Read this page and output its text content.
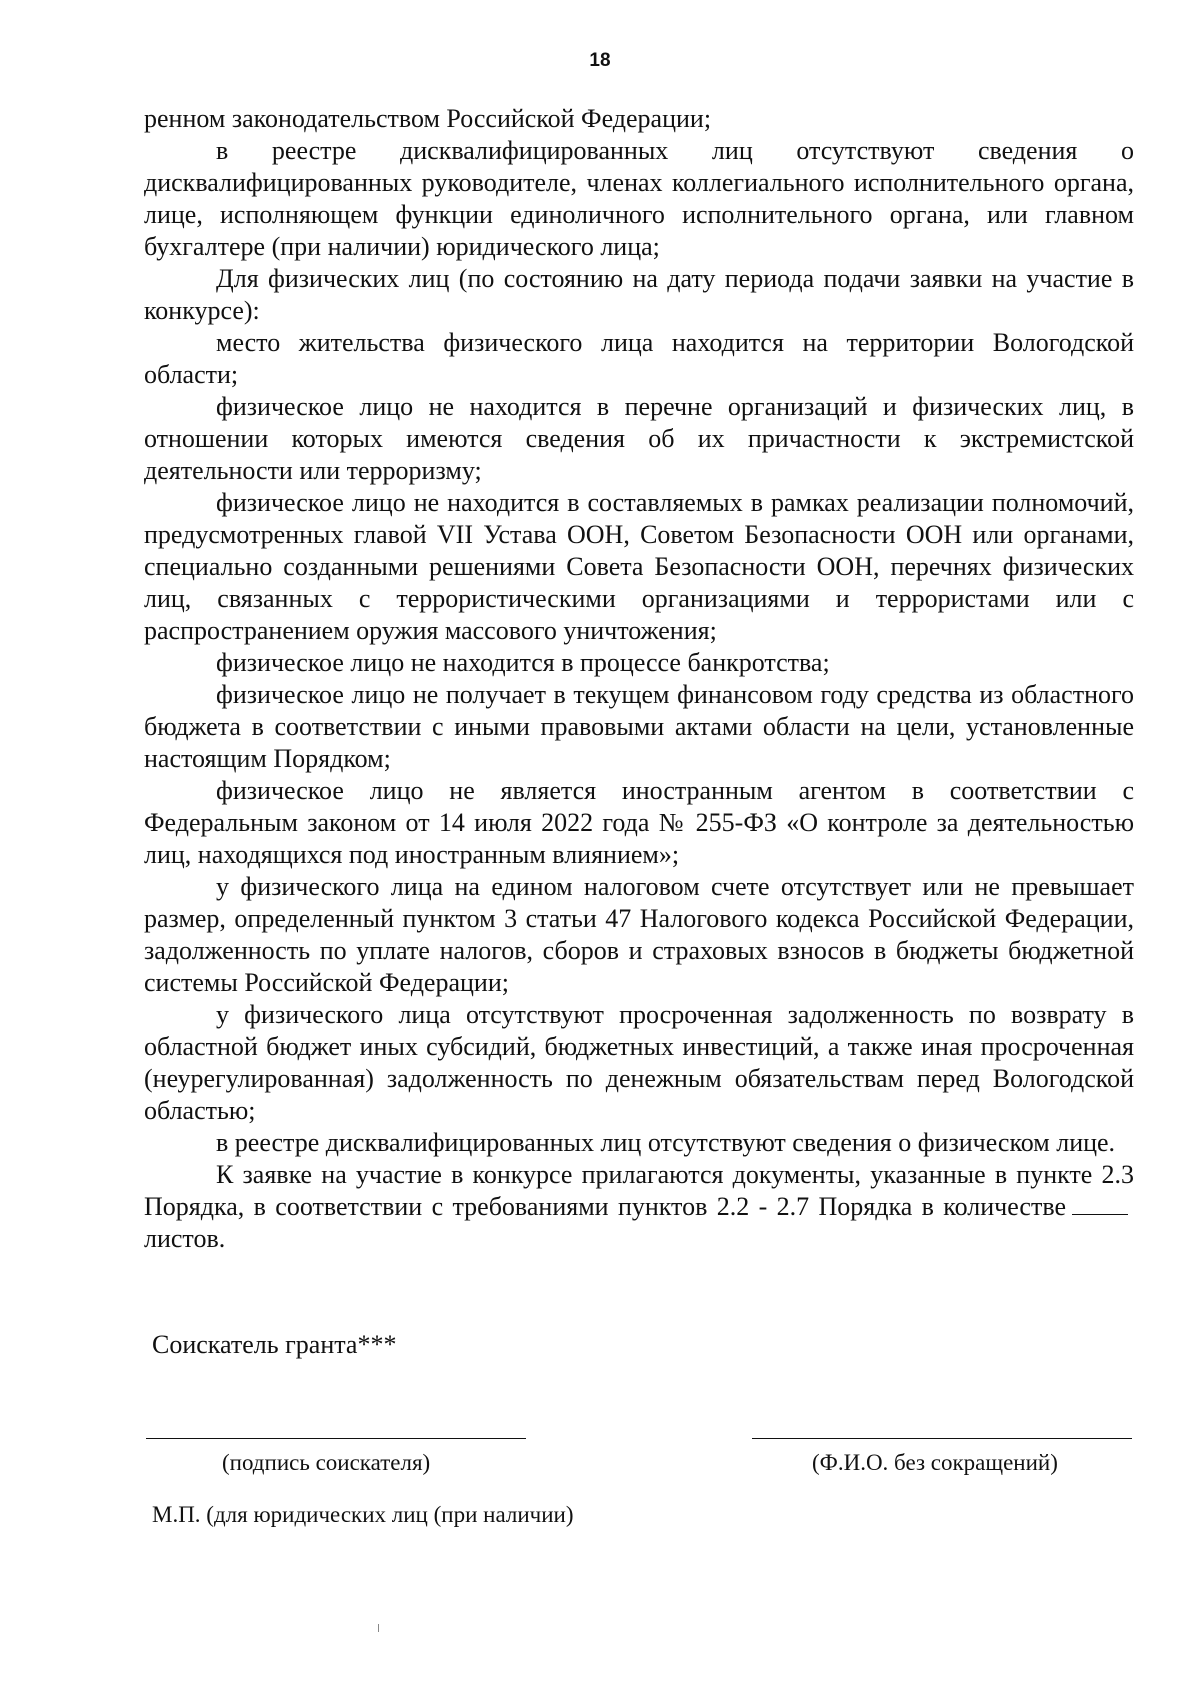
18

ренном законодательством Российской Федерации;

в реестре дисквалифицированных лиц отсутствуют сведения о дисквалифицированных руководителе, членах коллегиального исполнительного органа, лице, исполняющем функции единоличного исполнительного органа, или главном бухгалтере (при наличии) юридического лица;

Для физических лиц (по состоянию на дату периода подачи заявки на участие в конкурсе):

место жительства физического лица находится на территории Вологодской области;

физическое лицо не находится в перечне организаций и физических лиц, в отношении которых имеются сведения об их причастности к экстремистской деятельности или терроризму;

физическое лицо не находится в составляемых в рамках реализации полномочий, предусмотренных главой VII Устава ООН, Советом Безопасности ООН или органами, специально созданными решениями Совета Безопасности ООН, перечнях физических лиц, связанных с террористическими организациями и террористами или с распространением оружия массового уничтожения;

физическое лицо не находится в процессе банкротства;

физическое лицо не получает в текущем финансовом году средства из областного бюджета в соответствии с иными правовыми актами области на цели, установленные настоящим Порядком;

физическое лицо не является иностранным агентом в соответствии с Федеральным законом от 14 июля 2022 года № 255-ФЗ «О контроле за деятельностью лиц, находящихся под иностранным влиянием»;

у физического лица на едином налоговом счете отсутствует или не превышает размер, определенный пунктом 3 статьи 47 Налогового кодекса Российской Федерации, задолженность по уплате налогов, сборов и страховых взносов в бюджеты бюджетной системы Российской Федерации;

у физического лица отсутствуют просроченная задолженность по возврату в областной бюджет иных субсидий, бюджетных инвестиций, а также иная просроченная (неурегулированная) задолженность по денежным обязательствам перед Вологодской областью;

в реестре дисквалифицированных лиц отсутствуют сведения о физическом лице.

К заявке на участие в конкурсе прилагаются документы, указанные в пункте 2.3 Порядка, в соответствии с требованиями пунктов 2.2 - 2.7 Порядка в количествелистов.

Соискатель гранта***
(подпись соискателя)	(Ф.И.О. без сокращений)
М.П. (для юридических лиц (при наличии)
